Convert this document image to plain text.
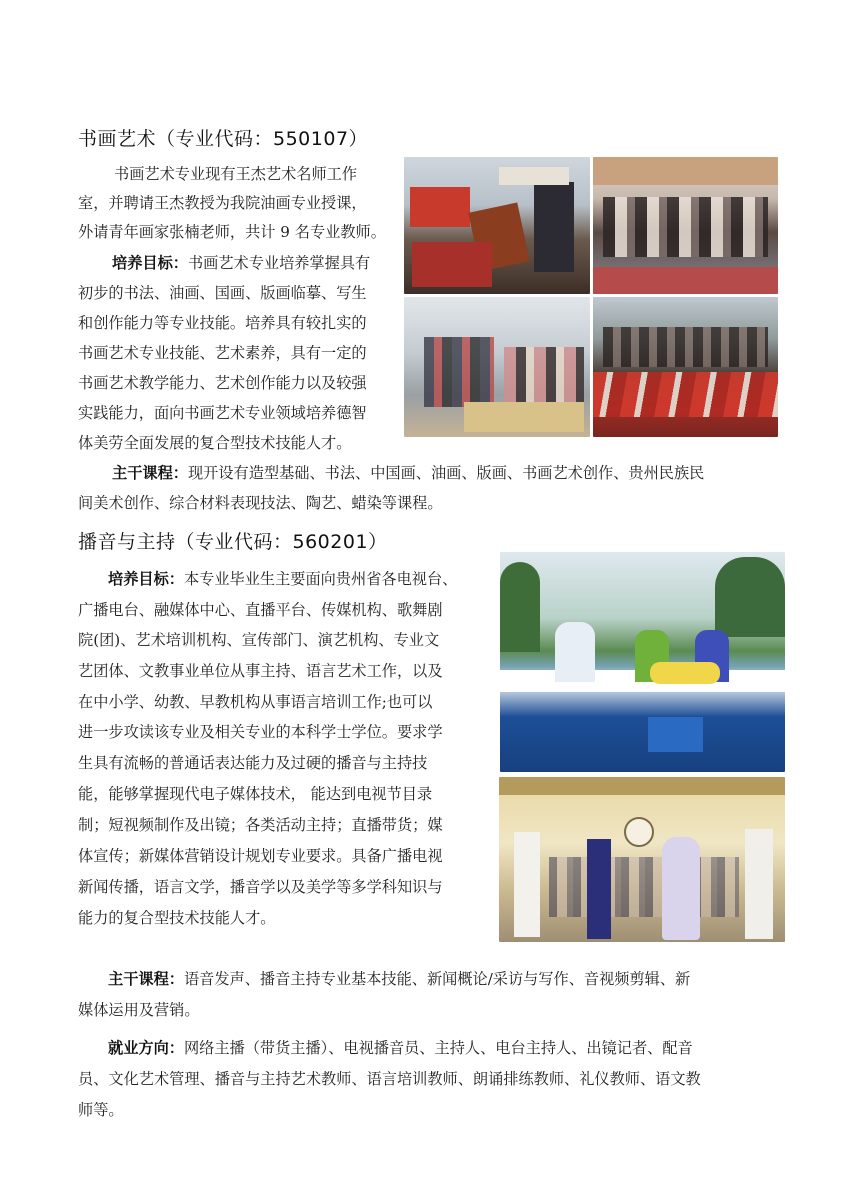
书画艺术（专业代码：550107）
书画艺术专业现有王杰艺术名师工作
室，并聘请王杰教授为我院油画专业授课，
外请青年画家张楠老师，共计 9 名专业教师。
培养目标：书画艺术专业培养掌握具有
初步的书法、油画、国画、版画临摹、写生
和创作能力等专业技能。培养具有较扎实的
书画艺术专业技能、艺术素养，具有一定的
书画艺术教学能力、艺术创作能力以及较强
实践能力，面向书画艺术专业领域培养德智
体美劳全面发展的复合型技术技能人才。
主干课程：现开设有造型基础、书法、中国画、油画、版画、书画艺术创作、贵州民族民
间美术创作、综合材料表现技法、陶艺、蜡染等课程。
播音与主持（专业代码：560201）
培养目标：本专业毕业生主要面向贵州省各电视台、
广播电台、融媒体中心、直播平台、传媒机构、歌舞剧
院(团)、艺术培训机构、宣传部门、演艺机构、专业文
艺团体、文教事业单位从事主持、语言艺术工作，以及
在中小学、幼教、早教机构从事语言培训工作;也可以
进一步攻读该专业及相关专业的本科学士学位。要求学
生具有流畅的普通话表达能力及过硬的播音与主持技
能，能够掌握现代电子媒体技术， 能达到电视节目录
制；短视频制作及出镜；各类活动主持；直播带货；媒
体宣传；新媒体营销设计规划专业要求。具备广播电视
新闻传播，语言文学，播音学以及美学等多学科知识与
能力的复合型技术技能人才。
主干课程：语音发声、播音主持专业基本技能、新闻概论/采访与写作、音视频剪辑、新
媒体运用及营销。
就业方向：网络主播（带货主播）、电视播音员、主持人、电台主持人、出镜记者、配音
员、文化艺术管理、播音与主持艺术教师、语言培训教师、朗诵排练教师、礼仪教师、语文教
师等。
